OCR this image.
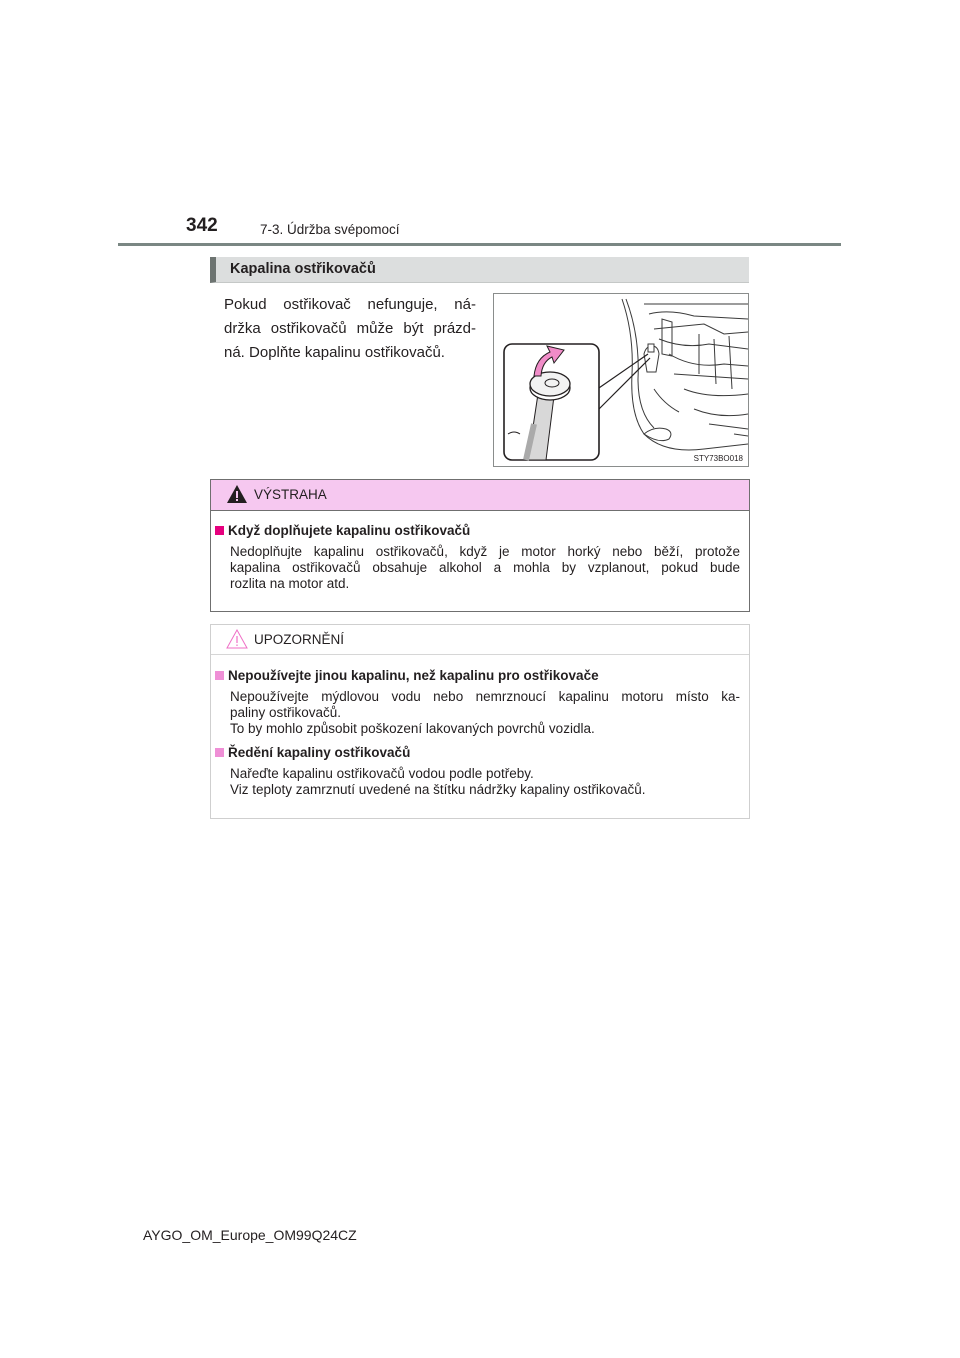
342	7-3. Údržba svépomocí
Kapalina ostřikovačů
Pokud ostřikovač nefunguje, ná-
držka ostřikovačů může být prázd-
ná. Doplňte kapalinu ostřikovačů.
STY73BO018
VÝSTRAHA
Když doplňujete kapalinu ostřikovačů
Nedoplňujte kapalinu ostřikovačů, když je motor horký nebo běží, protože
kapalina ostřikovačů obsahuje alkohol a mohla by vzplanout, pokud bude
rozlita na motor atd.
UPOZORNĚNÍ
Nepoužívejte jinou kapalinu, než kapalinu pro ostřikovače
Nepoužívejte mýdlovou vodu nebo nemrznoucí kapalinu motoru místo ka-
paliny ostřikovačů.
To by mohlo způsobit poškození lakovaných povrchů vozidla.
Ředění kapaliny ostřikovačů
Nařeďte kapalinu ostřikovačů vodou podle potřeby.
Viz teploty zamrznutí uvedené na štítku nádržky kapaliny ostřikovačů.
AYGO_OM_Europe_OM99Q24CZ
